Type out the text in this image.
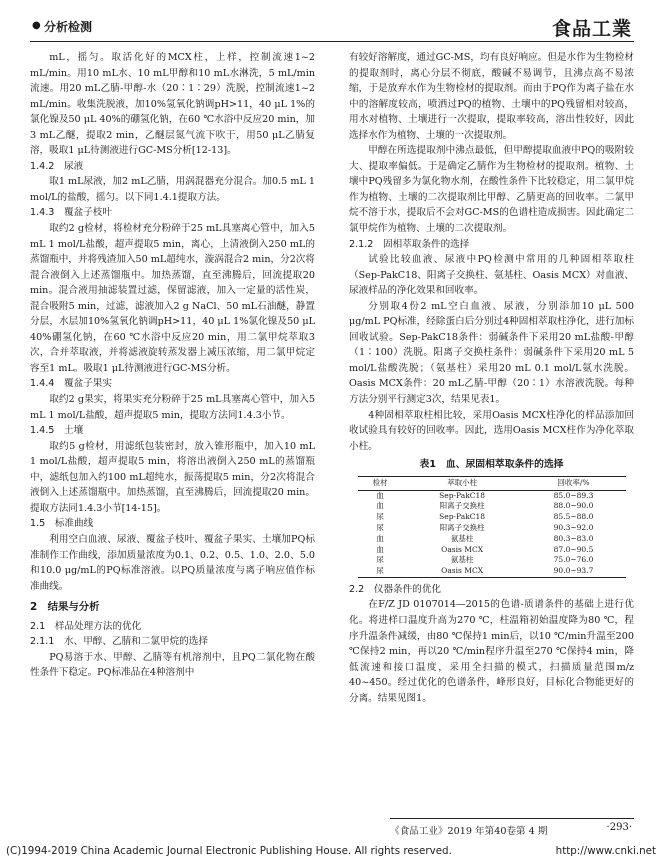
● 分析检测	食品工業

mL，摇匀。取活化好的MCX柱，上样，控制流速1~2 mL/min。用10 mL水、10 mL甲醇和10 mL水淋洗，5 mL/min流速。用20 mL乙腈-甲醇-水（20∶1∶29）洗脱，控制流速1~2 mL/min。收集洗脱液，加10%氢氧化钠调pH>11，40 μL 1%的氯化镍及50 μL 40%的硼氢化钠，在60 ℃水浴中反应20 min，加3 mL乙醚，提取2 min，乙醚层氮气流下吹干，用50 μL乙腈复溶，吸取1 μL待测液进行GC-MS分析[12-13]。

1.4.2　尿液

取1 mL尿液，加2 mL乙腈，用涡混器充分混合。加0.5 mL 1 mol/L的盐酸，摇匀。以下同1.4.1提取方法。

1.4.3　覆盆子枝叶

取约2 g检材，将检材充分粉碎于25 mL具塞离心管中，加入5 mL 1 mol/L盐酸，超声提取5 min，离心，上清液倒入250 mL的蒸馏瓶中，并将残渣加入50 mL超纯水，漩涡混合2 min，分2次将混合液倒入上述蒸馏瓶中。加热蒸馏，直至沸腾后，回流提取20 min。混合液用抽滤装置过滤，保留滤液，加入一定量的活性炭，混合吸附5 min，过滤，滤液加入2 g NaCl、50 mL石油醚，静置分层，水层加10%氢氧化钠调pH>11，40 μL 1%氯化镍及50 μL 40%硼氢化钠，在60 ℃水浴中反应20 min，用二氯甲烷萃取3次，合并萃取液，并将滤液旋转蒸发器上减压浓缩，用二氯甲烷定容至1 mL。吸取1 μL待测液进行GC-MS分析。

1.4.4　覆盆子果实

取约2 g果实，将果实充分粉碎于25 mL具塞离心管中，加入5 mL 1 mol/L盐酸，超声提取5 min，提取方法同1.4.3小节。

1.4.5　土壤

取约5 g检材，用滤纸包装密封，放入锥形瓶中，加入10 mL 1 mol/L盐酸，超声提取5 min，将溶出液倒入250 mL的蒸馏瓶中，滤纸包加入约100 mL超纯水，振荡提取5 min，分2次将混合液倒入上述蒸馏瓶中。加热蒸馏，直至沸腾后，回流提取20 min。提取方法同1.4.3小节[14-15]。

1.5　标准曲线

利用空白血液、尿液、覆盆子枝叶、覆盆子果实、土壤加PQ标准制作工作曲线，添加质量浓度为0.1、0.2、0.5、1.0、2.0、5.0和10.0 μg/mL的PQ标准溶液。以PQ质量浓度与离子响应值作标准曲线。

2　结果与分析

2.1　样品处理方法的优化

2.1.1　水、甲醇、乙腈和二氯甲烷的选择

PQ易溶于水、甲醇、乙腈等有机溶剂中，且PQ二氯化物在酸性条件下稳定。PQ标准品在4种溶剂中

有较好溶解度，通过GC-MS，均有良好响应。但是水作为生物检材的提取剂时，离心分层不彻底，酸碱不易调节，且沸点高不易浓缩，于是放弃水作为生物检材的提取剂。而由于PQ作为离子盐在水中的溶解度较高，喷洒过PQ的植物、土壤中的PQ残留相对较高，用水对植物、土壤进行一次提取，提取率较高，溶出性较好，因此选择水作为植物、土壤的一次提取剂。

甲醇在所选提取剂中沸点最低，但甲醇提取血液中PQ的吸附较大、提取率偏低。于是确定乙腈作为生物检材的提取剂。植物、土壤中PQ残留多为氯化物水剂，在酸性条件下比较稳定，用二氯甲烷作为植物、土壤的二次提取剂比甲醇、乙腈更高的回收率。二氯甲烷不溶于水，提取后不会对GC-MS的色谱柱造成损害。因此确定二氯甲烷作为植物、土壤的二次提取剂。

2.1.2　固相萃取条件的选择

试验比较血液、尿液中PQ检测中常用的几种固相萃取柱（Sep-PakC18、阳离子交换柱、氨基柱、Oasis MCX）对血液、尿液样品的净化效果和回收率。

分别取4份2 mL空白血液、尿液，分别添加10 μL 500 μg/mL PQ标准，经除蛋白后分别过4种固相萃取柱净化，进行加标回收试验。Sep-PakC18条件：弱碱条件下采用20 mL盐酸-甲醇（1∶100）洗脱。阳离子交换柱条件：弱碱条件下采用20 mL 5 mol/L盐酸洗脱；（氨基柱）采用20 mL 0.1 mol/L氨水洗脱。Oasis MCX条件：20 mL乙腈-甲醇（20∶1）水溶液洗脱。每种方法分别平行测定3次，结果见表1。

4种固相萃取柱相比较，采用Oasis MCX柱净化的样品添加回收试验具有较好的回收率。因此，选用Oasis MCX柱作为净化萃取小柱。

表1　血、尿固相萃取条件的选择
检材	萃取小柱	回收率/%
血	Sep-PakC18	85.0~89.3
血	阳离子交换柱	88.0~90.0
尿	Sep-PakC18	85.5~88.0
尿	阳离子交换柱	90.3~92.0
血	氨基柱	80.3~83.0
血	Oasis MCX	87.0~90.5
尿	氨基柱	75.0~76.0
尿	Oasis MCX	90.0~93.7

2.2　仪器条件的优化

在F/Z JD 0107014—2015的色谱-质谱条件的基础上进行优化。将进样口温度升高为270 ℃，柱温箱初始温度降为80 ℃，程序升温条件减缓，由80 ℃保持1 min后，以10 ℃/min升温至200 ℃保持2 min，再以20 ℃/min程序升温至270 ℃保持4 min，降低流速和接口温度，采用全扫描的模式，扫描质量范围m/z 40~450。经过优化的色谱条件，峰形良好，目标化合物能更好的分离。结果见图1。

《食品工业》2019 年第40卷第 4 期	·293·
(C)1994-2019 China Academic Journal Electronic Publishing House. All rights reserved.	http://www.cnki.net
